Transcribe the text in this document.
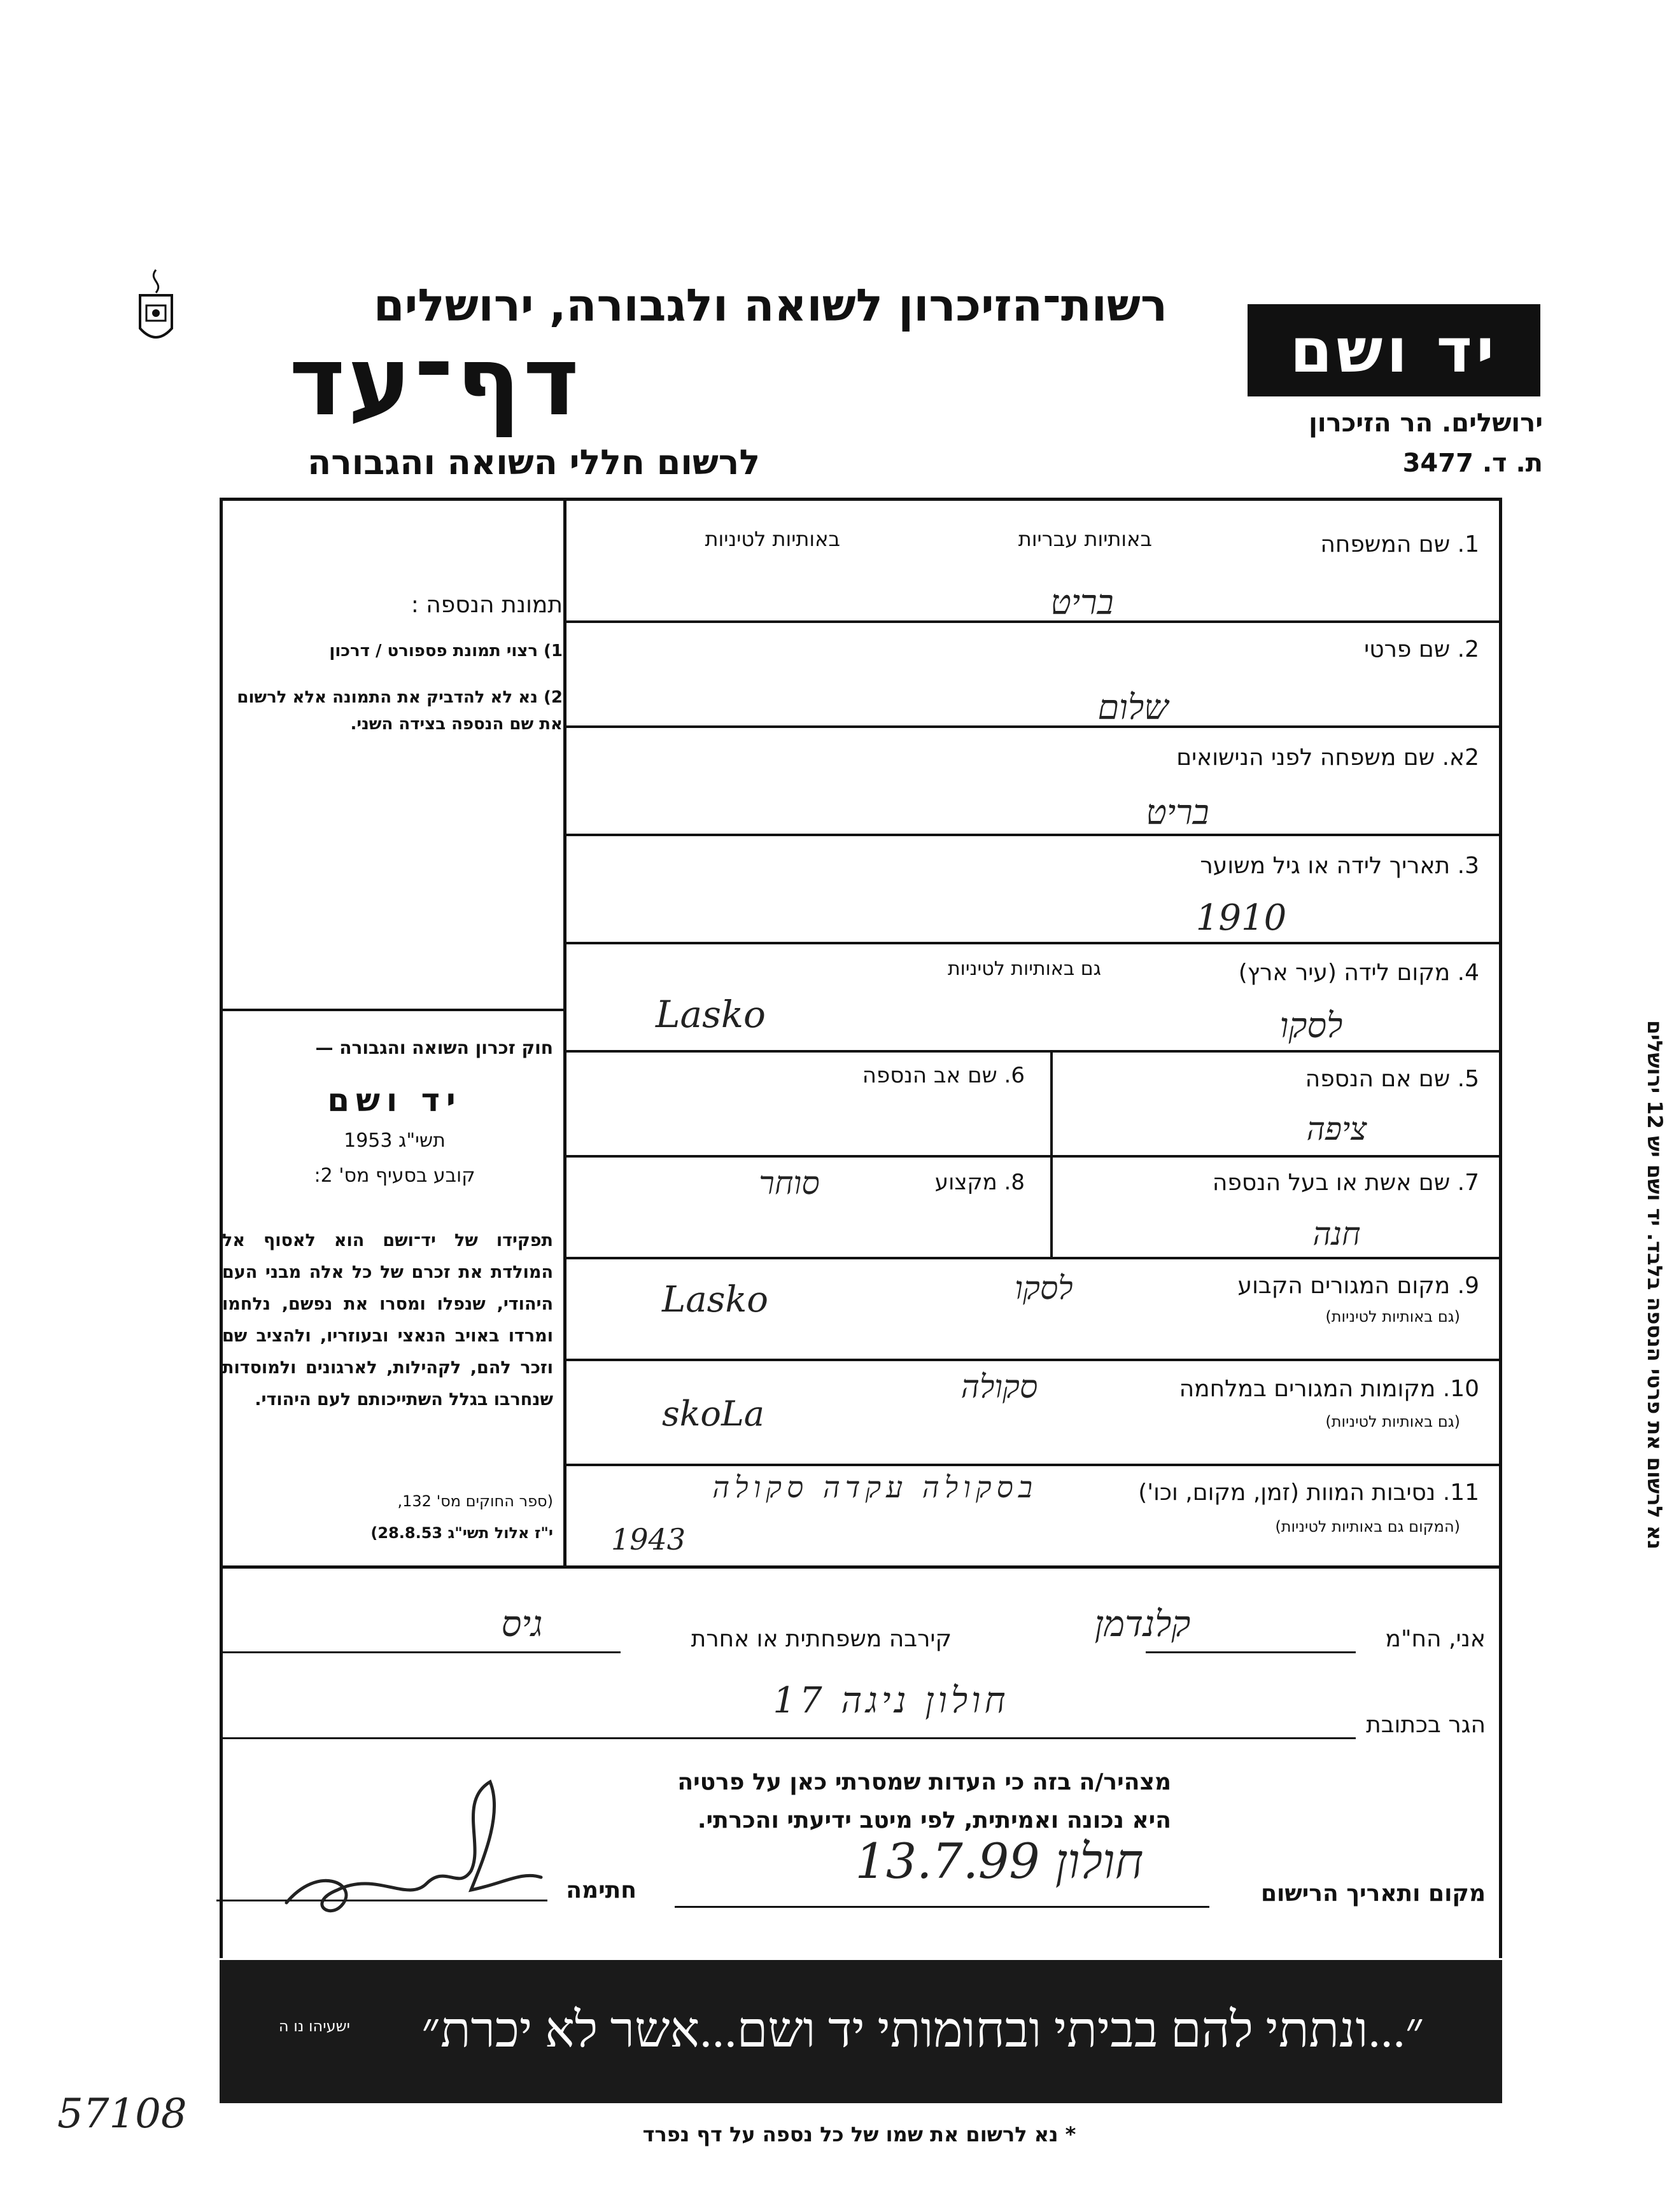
רשות־הזיכרון לשואה ולגבורה, ירושלים
דף־עד
לרשום חללי השואה והגבורה
יד ושם
ירושלים. הר הזיכרון
ת. ד. 3477
תמונת הנספה :
1) רצוי תמונת פספורט / דרכון
2) נא לא להדביק את התמונה אלא לרשום את שם הנספה בצידה השני.
חוק זכרון השואה והגבורה —
יד ושם
תשי"ג 1953
קובע בסעיף מס' 2:
תפקידו של יד־ושם הוא לאסוף אל המולדת את זכרם של כל אלה מבני העם היהודי, שנפלו ומסרו את נפשם, נלחמו ומרדו באויב הנאצי ובעוזריו, ולהציב שם וזכר להם, לקהילות, לארגונים ולמוסדות שנחרבו בגלל השתייכותם לעם היהודי.
(ספר החוקים מס' 132,
י"ז אלול תשי"ג 28.8.53)
1. שם המשפחה
באותיות עבריות
באותיות לטיניות
בריט
2. שם פרטי
שלום
2א. שם משפחה לפני הנישואים
בריט
3. תאריך לידה או גיל משוער
1910
4. מקום לידה (עיר ארץ)
גם באותיות לטיניות
לסקו
Lasko
5. שם אם הנספה
ציפה
6. שם אב הנספה
7. שם אשת או בעל הנספה
חנה
8. מקצוע
סוחר
9. מקום המגורים הקבוע
(גם באותיות לטיניות)
לסקו
Lasko
10. מקומות המגורים במלחמה
(גם באותיות לטיניות)
סקולה
skoLa
11. נסיבות המוות (זמן, מקום, וכו')
(המקום גם באותיות לטיניות)
בסקולה עקדה סקולה
1943
אני, הח"מ
קלנדמן
קירבה משפחתית או אחרת
גיס
הגר בכתובת
חולון ניגה 17
מצהיר/ה בזה כי העדות שמסרתי כאן על פרטיה
היא נכונה ואמיתית, לפי מיטב ידיעתי והכרתי.
מקום ותאריך הרישום
חולון 13.7.99
חתימה
״...ונתתי להם בביתי ובחומותי יד ושם...אשר לא יכרת״
ישעיהו נו ה
נא לרשום את פרטי הנספה בלבד. יד ושם יש 12 ירושלים
57108	* נא לרשום את שמו של כל נספה על דף נפרד
